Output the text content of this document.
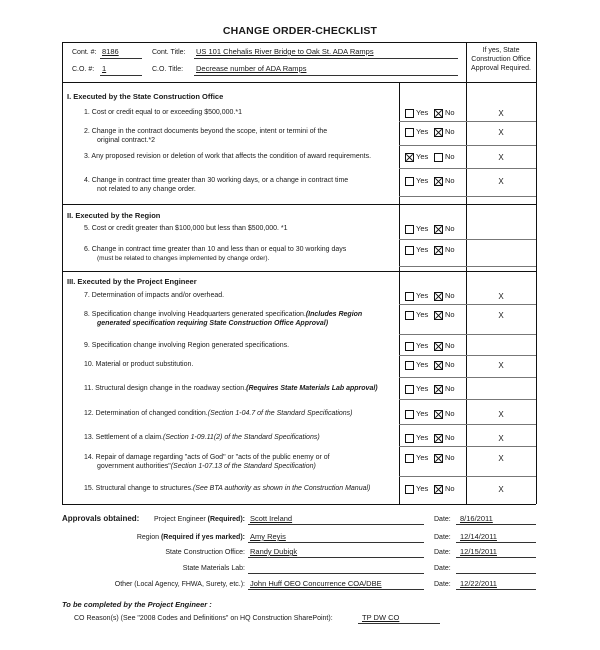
CHANGE ORDER-CHECKLIST
Cont. #: 8186	Cont. Title: US 101 Chehalis River Bridge to Oak St. ADA Ramps
C.O. #: 1	C.O. Title: Decrease number of ADA Ramps
If yes, State
Construction Office
Approval Required.
I. Executed by the State Construction Office
II. Executed by the Region
III. Executed by the Project Engineer
1. Cost or credit equal to or exceeding $500,000.*1	Yes No	X
2. Change in the contract documents beyond the scope, intent or termini of the
original contract.*2
Yes No	X
3. Any proposed revision or deletion of work that affects the condition of award requirements.	Yes No	X
4. Change in contract time greater than 30 working days, or a change in contract time
not related to any change order.
Yes No	X
5. Cost or credit greater than $100,000 but less than $500,000. *1	Yes No
6. Change in contract time greater than 10 and less than or equal to 30 working days
(must be related to changes implemented by change order).
Yes No
7. Determination of impacts and/or overhead.	Yes No	X
8. Specification change involving Headquarters generated specification.(Includes Region
generated specification requiring State Construction Office Approval)
Yes No	X
9. Specification change involving Region generated specifications.	Yes No
10. Material or product substitution.	Yes No	X
11. Structural design change in the roadway section.(Requires State Materials Lab approval)	Yes No
12. Determination of changed condition.(Section 1-04.7 of the Standard Specifications)	Yes No	X
13. Settlement of a claim.(Section 1-09.11(2) of the Standard Specifications)	Yes No	X
14. Repair of damage regarding "acts of God" or "acts of the public enemy or of
government authorities"(Section 1-07.13 of the Standard Specification)
Yes No	X
15. Structural change to structures.(See BTA authority as shown in the Construction Manual)	Yes No	X
Approvals obtained: Project Engineer (Required): Scott Ireland	Date: 8/16/2011
Region (Required if yes marked): Amy Reyis	Date: 12/14/2011
State Construction Office: Randy Dubigk	Date: 12/15/2011
State Materials Lab:	Date:
Other (Local Agency, FHWA, Surety, etc.): John Huff OEO Concurrence COA/DBE	Date: 12/22/2011
To be completed by the Project Engineer :
CO Reason(s) (See "2008 Codes and Definitions" on HQ Construction SharePoint):	TP DW CO
